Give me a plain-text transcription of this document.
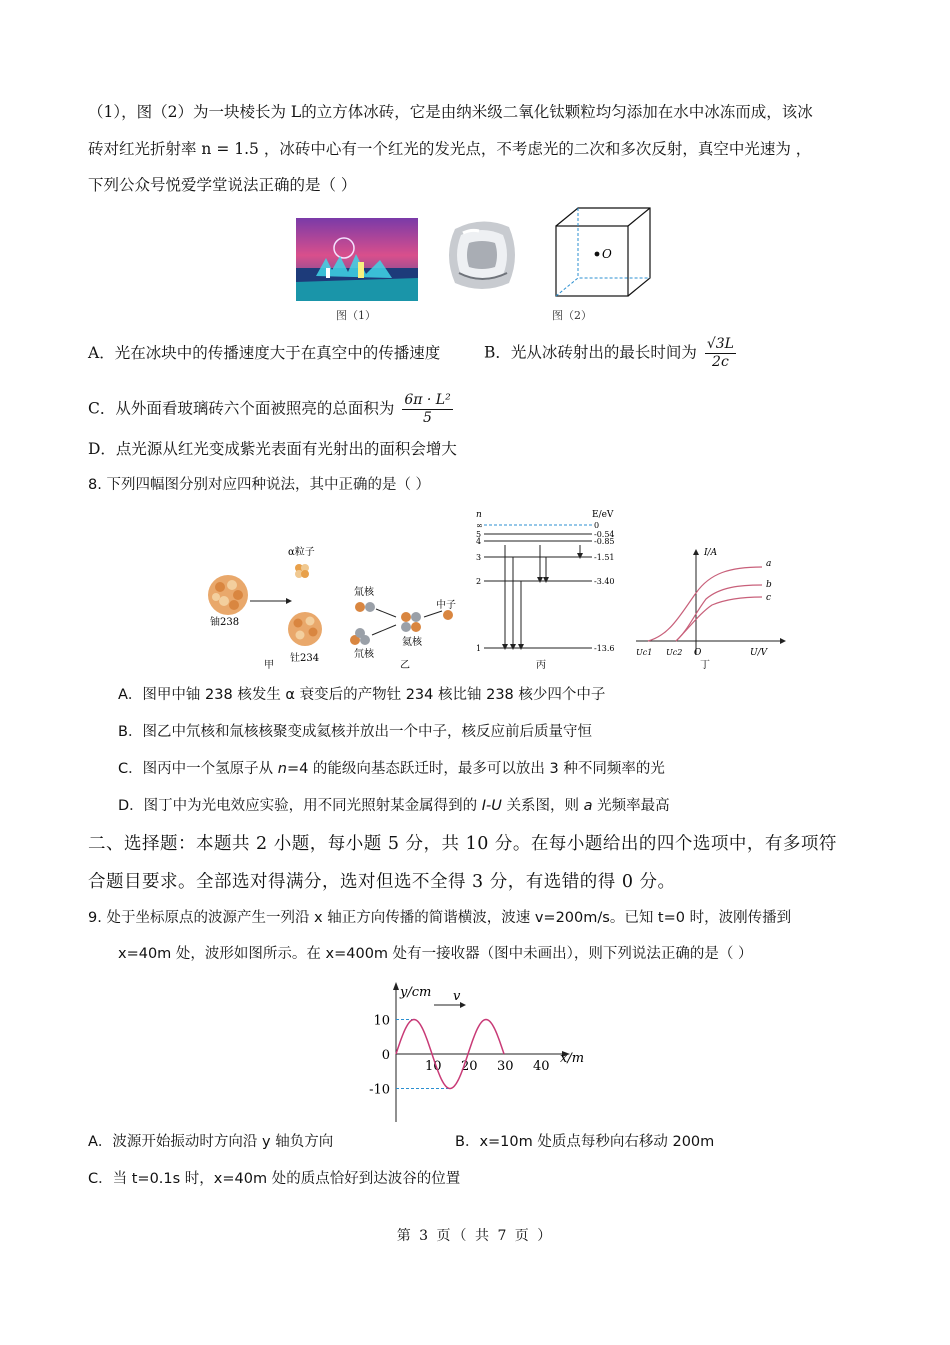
（1），图（2）为一块棱长为 L的立方体冰砖，它是由纳米级二氧化钛颗粒均匀添加在水中冰冻而成，该冰
砖对红光折射率 n = 1.5 ，冰砖中心有一个红光的发光点，不考虑光的二次和多次反射，真空中光速为 ，
下列公众号悦爱学堂说法正确的是（ ）
O
图（1）	图（2）
A．光在冰块中的传播速度大于在真空中的传播速度	B．光从冰砖射出的最长时间为 $\frac{√3L}{2c}$
C．从外面看玻璃砖六个面被照亮的总面积为 $\frac{\text{6π · L²}}{5}$
D．点光源从红光变成紫光表面有光射出的面积会增大
8. 下列四幅图分别对应四种说法，其中正确的是（ ）
α粒子
铀238
钍234
甲
氚核
氘核
氦核
中子
乙
n	E/eV
∞	0
5	-0.54
4	-0.85
3	-1.51
2	-3.40
1	-13.6
丙
I/A
U/V
O
Uc1 Uc2
a
b
c
丁
A．图甲中铀 238 核发生 α 衰变后的产物钍 234 核比铀 238 核少四个中子
B．图乙中氘核和氚核核聚变成氦核并放出一个中子，核反应前后质量守恒
C．图丙中一个氢原子从 n=4 的能级向基态跃迁时，最多可以放出 3 种不同频率的光
D．图丁中为光电效应实验，用不同光照射某金属得到的 I-U 关系图，则 a 光频率最高
二、选择题：本题共 2 小题，每小题 5 分，共 10 分。在每小题给出的四个选项中，有多项符
合题目要求。全部选对得满分，选对但选不全得 3 分，有选错的得 0 分。
9. 处于坐标原点的波源产生一列沿 x 轴正方向传播的简谐横波，波速 v=200m/s。已知 t=0 时，波刚传播到
x=40m 处，波形如图所示。在 x=400m 处有一接收器（图中未画出），则下列说法正确的是（ ）
y/cm
x/m
v
10 20 30 40
10
0
-10
A．波源开始振动时方向沿 y 轴负方向	B．x=10m 处质点每秒向右移动 200m
C．当 t=0.1s 时，x=40m 处的质点恰好到达波谷的位置
第 3 页（ 共 7 页 ）
